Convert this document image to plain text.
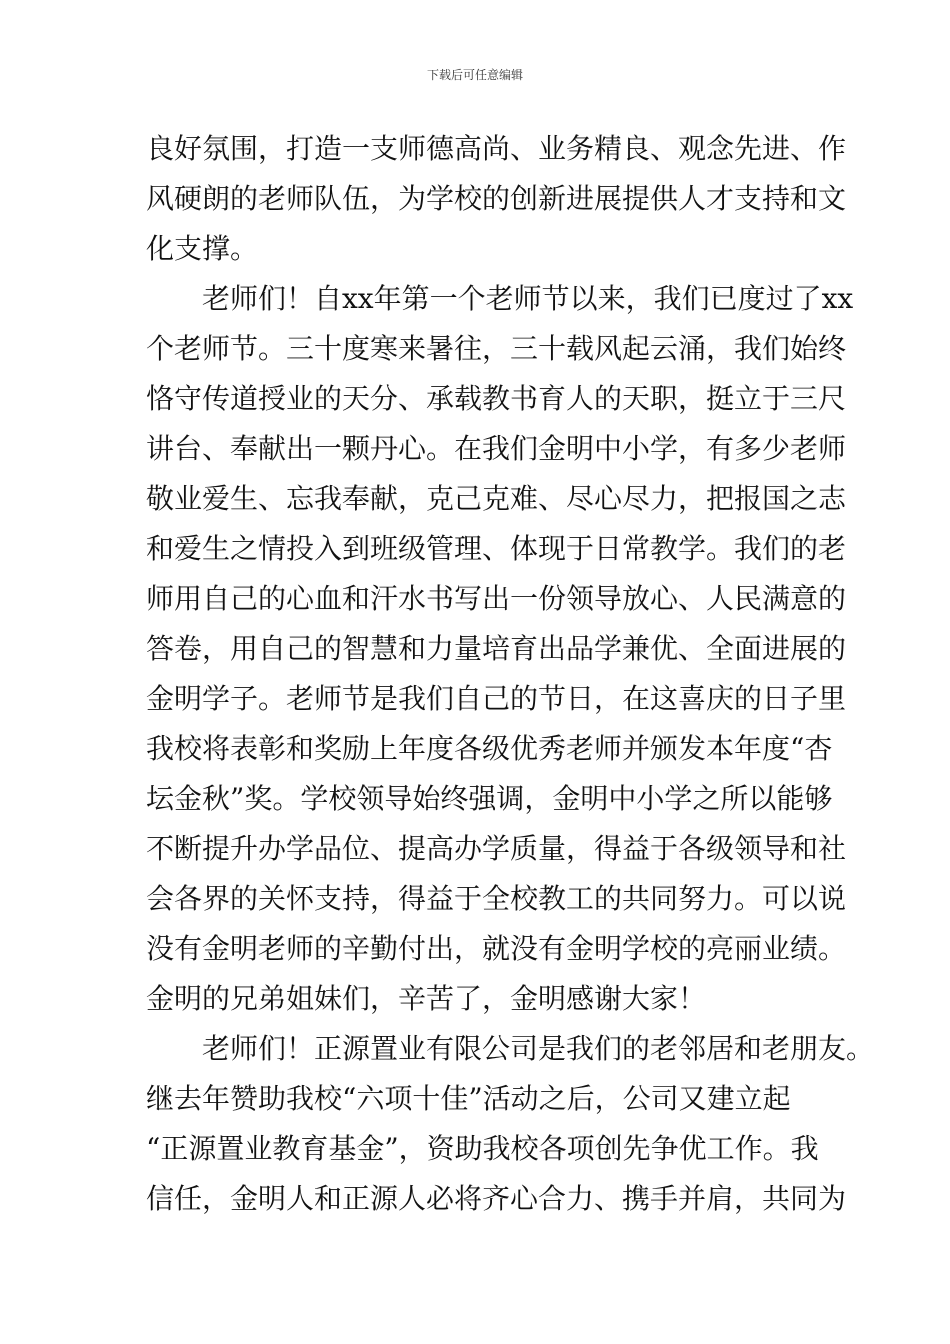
下载后可任意编辑
良好氛围，打造一支师德高尚、业务精良、观念先进、作
风硬朗的老师队伍，为学校的创新进展提供人才支持和文
化支撑。
老师们！自xx年第一个老师节以来，我们已度过了xx
个老师节。三十度寒来暑往，三十载风起云涌，我们始终
恪守传道授业的天分、承载教书育人的天职，挺立于三尺
讲台、奉献出一颗丹心。在我们金明中小学，有多少老师
敬业爱生、忘我奉献，克己克难、尽心尽力，把报国之志
和爱生之情投入到班级管理、体现于日常教学。我们的老
师用自己的心血和汗水书写出一份领导放心、人民满意的
答卷，用自己的智慧和力量培育出品学兼优、全面进展的
金明学子。老师节是我们自己的节日，在这喜庆的日子里
我校将表彰和奖励上年度各级优秀老师并颁发本年度“杏
坛金秋”奖。学校领导始终强调，金明中小学之所以能够
不断提升办学品位、提高办学质量，得益于各级领导和社
会各界的关怀支持，得益于全校教工的共同努力。可以说
没有金明老师的辛勤付出，就没有金明学校的亮丽业绩。
金明的兄弟姐妹们，辛苦了，金明感谢大家！
老师们！正源置业有限公司是我们的老邻居和老朋友。
继去年赞助我校“六项十佳”活动之后，公司又建立起
“正源置业教育基金”，资助我校各项创先争优工作。我
信任，金明人和正源人必将齐心合力、携手并肩，共同为
